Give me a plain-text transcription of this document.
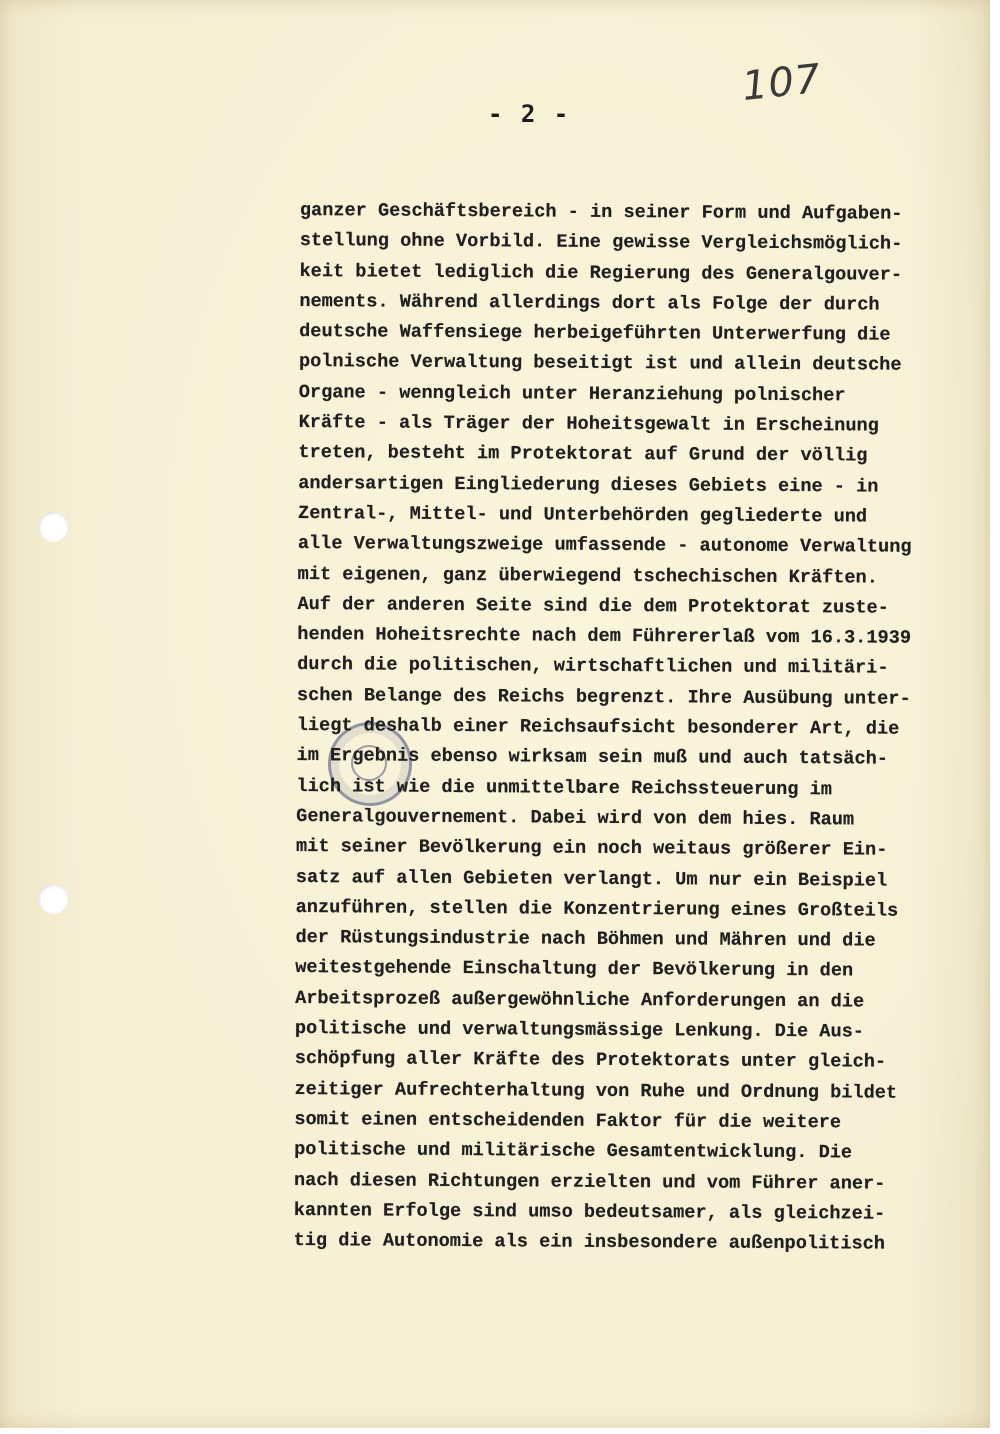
107
- 2 -
ganzer Geschäftsbereich - in seiner Form und Aufgaben-
stellung ohne Vorbild. Eine gewisse Vergleichsmöglich-
keit bietet lediglich die Regierung des Generalgouver-
nements. Während allerdings dort als Folge der durch
deutsche Waffensiege herbeigeführten Unterwerfung die
polnische Verwaltung beseitigt ist und allein deutsche
Organe - wenngleich unter Heranziehung polnischer
Kräfte - als Träger der Hoheitsgewalt in Erscheinung
treten, besteht im Protektorat auf Grund der völlig
andersartigen Eingliederung dieses Gebiets eine - in
Zentral-, Mittel- und Unterbehörden gegliederte und
alle Verwaltungszweige umfassende - autonome Verwaltung
mit eigenen, ganz überwiegend tschechischen Kräften.
Auf der anderen Seite sind die dem Protektorat zuste-
henden Hoheitsrechte nach dem Führererlaß vom 16.3.1939
durch die politischen, wirtschaftlichen und militäri-
schen Belange des Reichs begrenzt. Ihre Ausübung unter-
liegt deshalb einer Reichsaufsicht besonderer Art, die
im Ergebnis ebenso wirksam sein muß und auch tatsäch-
lich ist wie die unmittelbare Reichssteuerung im
Generalgouvernement. Dabei wird von dem hies. Raum
mit seiner Bevölkerung ein noch weitaus größerer Ein-
satz auf allen Gebieten verlangt. Um nur ein Beispiel
anzuführen, stellen die Konzentrierung eines Großteils
der Rüstungsindustrie nach Böhmen und Mähren und die
weitestgehende Einschaltung der Bevölkerung in den
Arbeitsprozeß außergewöhnliche Anforderungen an die
politische und verwaltungsmässige Lenkung. Die Aus-
schöpfung aller Kräfte des Protektorats unter gleich-
zeitiger Aufrechterhaltung von Ruhe und Ordnung bildet
somit einen entscheidenden Faktor für die weitere
politische und militärische Gesamtentwicklung. Die
nach diesen Richtungen erzielten und vom Führer aner-
kannten Erfolge sind umso bedeutsamer, als gleichzei-
tig die Autonomie als ein insbesondere außenpolitisch
